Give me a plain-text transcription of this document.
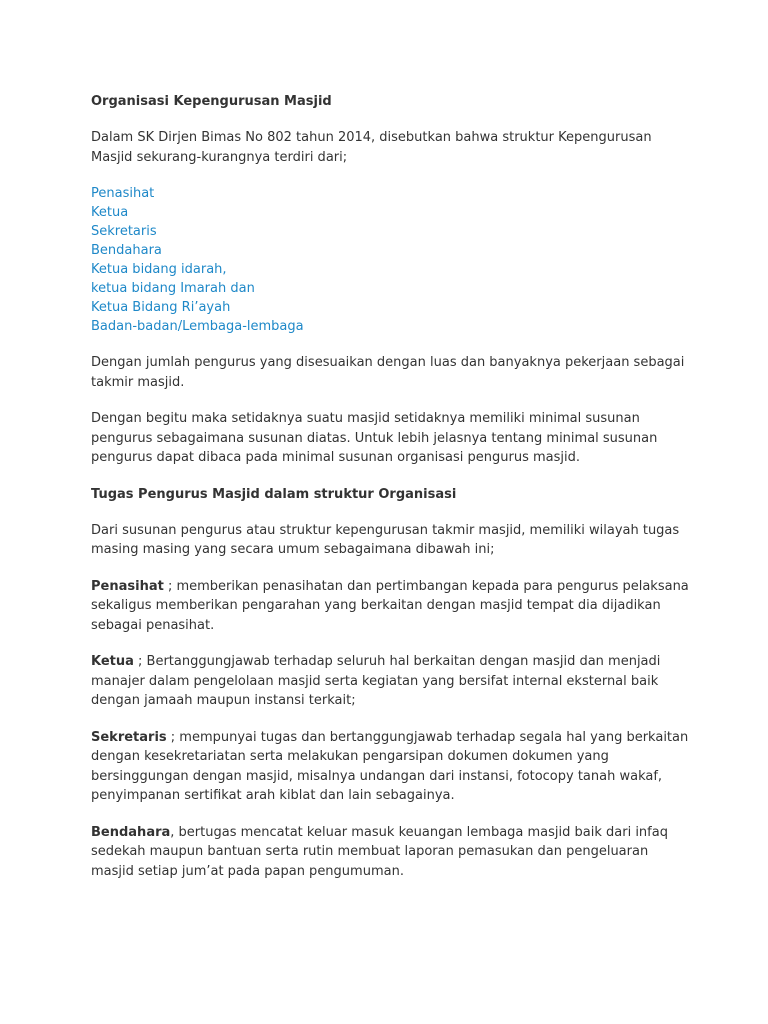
Organisasi Kepengurusan Masjid

Dalam SK Dirjen Bimas No 802 tahun 2014, disebutkan bahwa struktur Kepengurusan Masjid sekurang-kurangnya terdiri dari;

Penasihat
Ketua
Sekretaris
Bendahara
Ketua bidang idarah,
ketua bidang Imarah dan
Ketua Bidang Ri’ayah
Badan-badan/Lembaga-lembaga

Dengan jumlah pengurus yang disesuaikan dengan luas dan banyaknya pekerjaan sebagai takmir masjid.

Dengan begitu maka setidaknya suatu masjid setidaknya memiliki minimal susunan pengurus sebagaimana susunan diatas. Untuk lebih jelasnya tentang minimal susunan pengurus dapat dibaca pada minimal susunan organisasi pengurus masjid.

Tugas Pengurus Masjid dalam struktur Organisasi

Dari susunan pengurus atau struktur kepengurusan takmir masjid, memiliki wilayah tugas masing masing yang secara umum sebagaimana dibawah ini;

Penasihat ; memberikan penasihatan dan pertimbangan kepada para pengurus pelaksana sekaligus memberikan pengarahan yang berkaitan dengan masjid tempat dia dijadikan sebagai penasihat.

Ketua ; Bertanggungjawab terhadap seluruh hal berkaitan dengan masjid dan menjadi manajer dalam pengelolaan masjid serta kegiatan yang bersifat internal eksternal baik dengan jamaah maupun instansi terkait;

Sekretaris ; mempunyai tugas dan bertanggungjawab terhadap segala hal yang berkaitan dengan kesekretariatan serta melakukan pengarsipan dokumen dokumen yang bersinggungan dengan masjid, misalnya undangan dari instansi, fotocopy tanah wakaf, penyimpanan sertifikat arah kiblat dan lain sebagainya.

Bendahara, bertugas mencatat keluar masuk keuangan lembaga masjid baik dari infaq sedekah maupun bantuan serta rutin membuat laporan pemasukan dan pengeluaran masjid setiap jum’at pada papan pengumuman.
